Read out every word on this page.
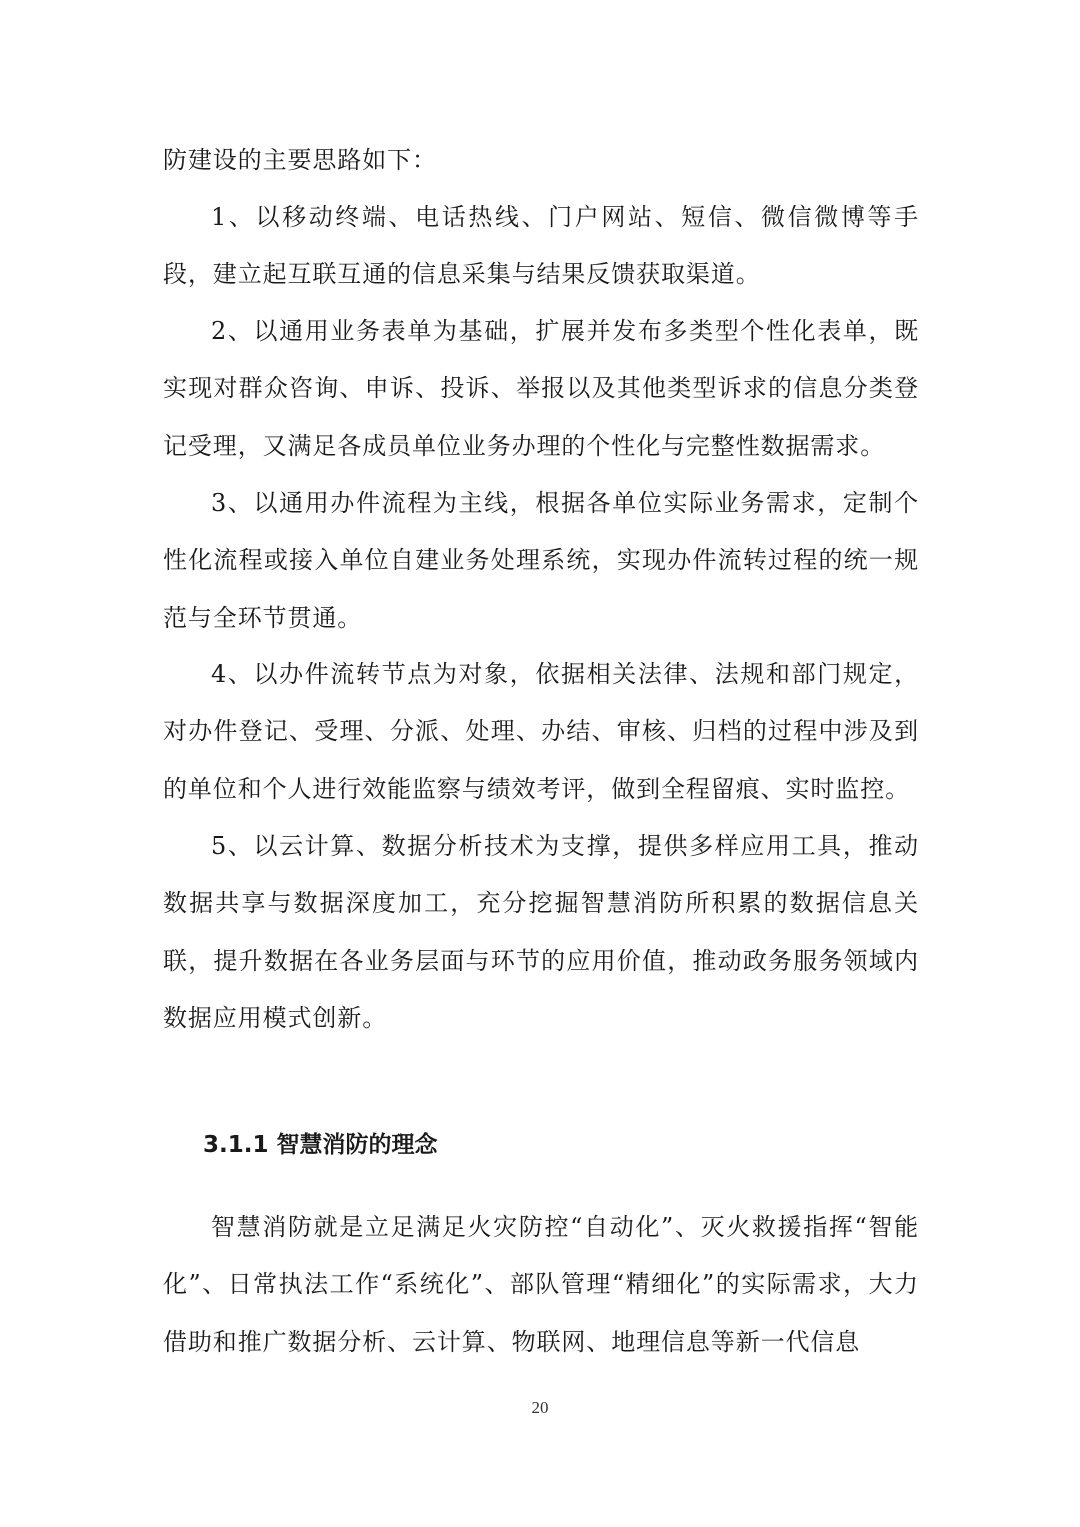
防建设的主要思路如下：

1、以移动终端、电话热线、门户网站、短信、微信微博等手段，建立起互联互通的信息采集与结果反馈获取渠道。

2、以通用业务表单为基础，扩展并发布多类型个性化表单，既实现对群众咨询、申诉、投诉、举报以及其他类型诉求的信息分类登记受理，又满足各成员单位业务办理的个性化与完整性数据需求。

3、以通用办件流程为主线，根据各单位实际业务需求，定制个性化流程或接入单位自建业务处理系统，实现办件流转过程的统一规范与全环节贯通。

4、以办件流转节点为对象，依据相关法律、法规和部门规定，对办件登记、受理、分派、处理、办结、审核、归档的过程中涉及到的单位和个人进行效能监察与绩效考评，做到全程留痕、实时监控。

5、以云计算、数据分析技术为支撑，提供多样应用工具，推动数据共享与数据深度加工，充分挖掘智慧消防所积累的数据信息关联，提升数据在各业务层面与环节的应用价值，推动政务服务领域内数据应用模式创新。

3.1.1 智慧消防的理念

智慧消防就是立足满足火灾防控“自动化”、灭火救援指挥“智能化”、日常执法工作“系统化”、部队管理“精细化”的实际需求，大力借助和推广数据分析、云计算、物联网、地理信息等新一代信息

20
